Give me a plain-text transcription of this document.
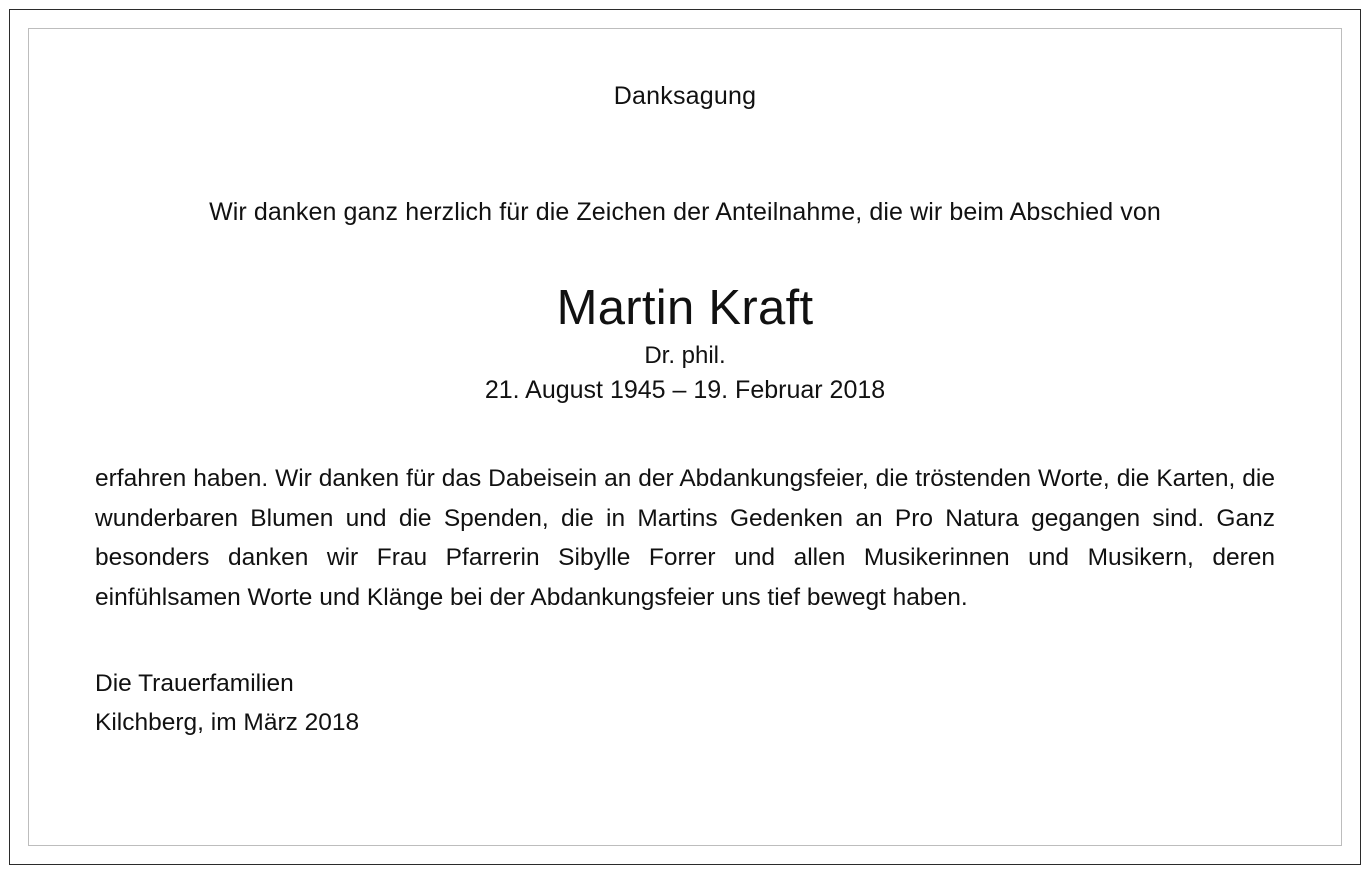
Danksagung
Wir danken ganz herzlich für die Zeichen der Anteilnahme, die wir beim Abschied von
Martin Kraft
Dr. phil.
21. August 1945 – 19. Februar 2018
erfahren haben. Wir danken für das Dabeisein an der Abdankungsfeier, die tröstenden Worte, die Karten, die wunderbaren Blumen und die Spenden, die in Martins Gedenken an Pro Natura gegangen sind. Ganz besonders danken wir Frau Pfarrerin Sibylle Forrer und allen Musikerinnen und Musikern, deren einfühlsamen Worte und Klänge bei der Abdankungsfeier uns tief bewegt haben.
Die Trauerfamilien
Kilchberg, im März 2018
